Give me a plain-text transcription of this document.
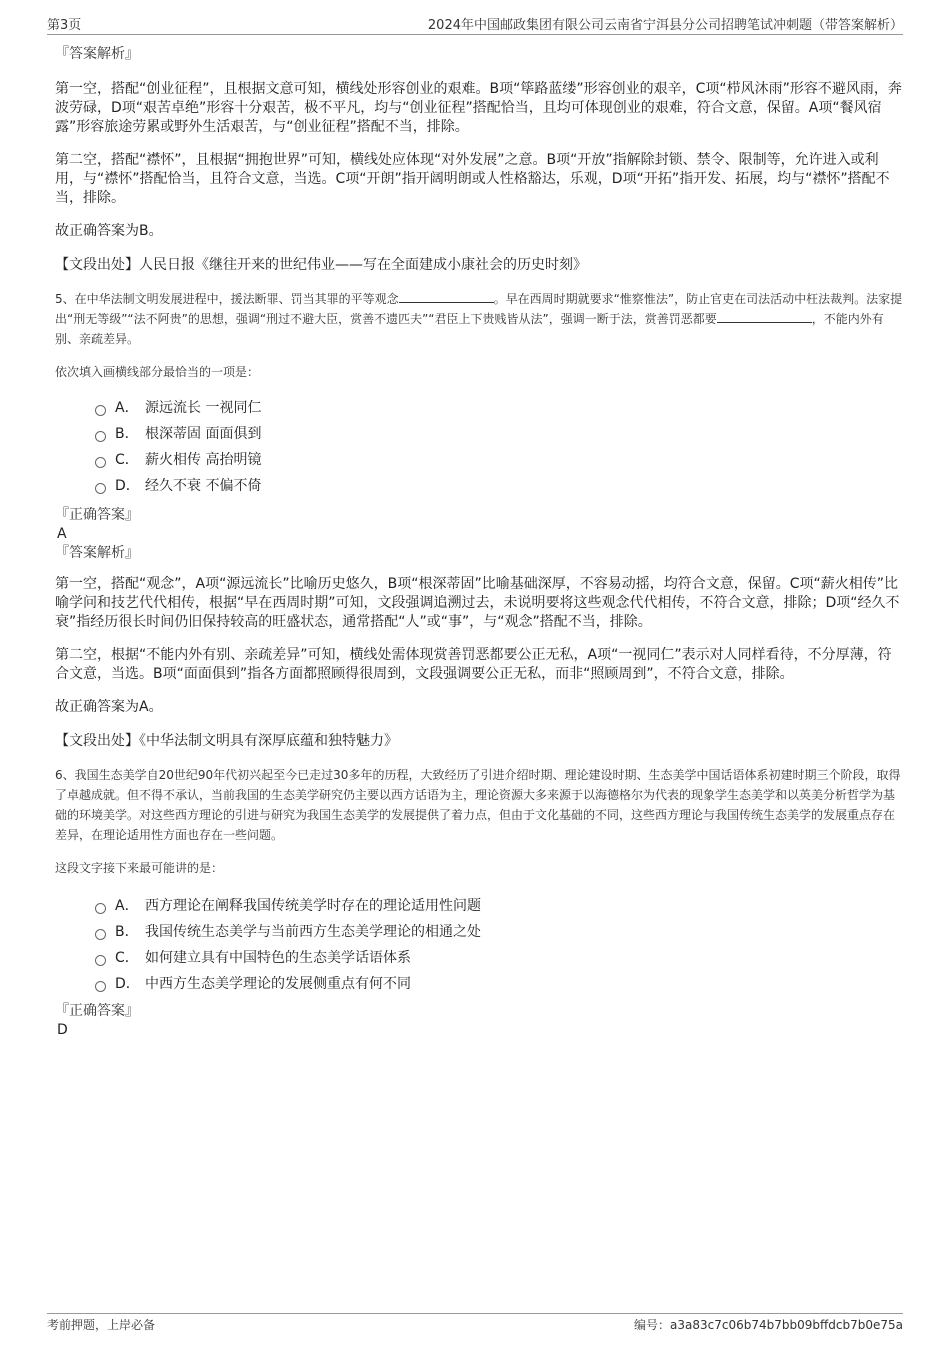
第3页	2024年中国邮政集团有限公司云南省宁洱县分公司招聘笔试冲刺题（带答案解析）

『答案解析』

第一空，搭配“创业征程”，且根据文意可知，横线处形容创业的艰难。B项“筚路蓝缕”形容创业的艰辛，C项“栉风沐雨”形容不避风雨，奔波劳碌，D项“艰苦卓绝”形容十分艰苦，极不平凡，均与“创业征程”搭配恰当，且均可体现创业的艰难，符合文意，保留。A项“餐风宿露”形容旅途劳累或野外生活艰苦，与“创业征程”搭配不当，排除。

第二空，搭配“襟怀”，且根据“拥抱世界”可知，横线处应体现“对外发展”之意。B项“开放”指解除封锁、禁令、限制等，允许进入或利用，与“襟怀”搭配恰当，且符合文意，当选。C项“开朗”指开阔明朗或人性格豁达，乐观，D项“开拓”指开发、拓展，均与“襟怀”搭配不当，排除。

故正确答案为B。

【文段出处】人民日报《继往开来的世纪伟业——写在全面建成小康社会的历史时刻》
5、在中华法制文明发展进程中，援法断罪、罚当其罪的平等观念	。早在西周时期就要求“惟察惟法”，防止官吏在司法活动中枉法裁判。法家提出“刑无等级”“法不阿贵”的思想，强调“刑过不避大臣，赏善不遗匹夫”“君臣上下贵贱皆从法”，强调一断于法，赏善罚恶都要	，不能内外有别、亲疏差异。

依次填入画横线部分最恰当的一项是：

A． 源远流长 一视同仁
B． 根深蒂固 面面俱到
C． 薪火相传 高抬明镜
D． 经久不衰 不偏不倚

『正确答案』

A

『答案解析』

第一空，搭配“观念”，A项“源远流长”比喻历史悠久，B项“根深蒂固”比喻基础深厚，不容易动摇，均符合文意，保留。C项“薪火相传”比喻学问和技艺代代相传，根据“早在西周时期”可知，文段强调追溯过去，未说明要将这些观念代代相传，不符合文意，排除；D项“经久不衰”指经历很长时间仍旧保持较高的旺盛状态，通常搭配“人”或“事”，与“观念”搭配不当，排除。

第二空，根据“不能内外有别、亲疏差异”可知，横线处需体现赏善罚恶都要公正无私，A项“一视同仁”表示对人同样看待，不分厚薄，符合文意，当选。B项“面面俱到”指各方面都照顾得很周到，文段强调要公正无私，而非“照顾周到”，不符合文意，排除。

故正确答案为A。

【文段出处】《中华法制文明具有深厚底蕴和独特魅力》

6、我国生态美学自20世纪90年代初兴起至今已走过30多年的历程，大致经历了引进介绍时期、理论建设时期、生态美学中国话语体系初建时期三个阶段，取得了卓越成就。但不得不承认，当前我国的生态美学研究仍主要以西方话语为主，理论资源大多来源于以海德格尔为代表的现象学生态美学和以英美分析哲学为基础的环境美学。对这些西方理论的引进与研究为我国生态美学的发展提供了着力点，但由于文化基础的不同，这些西方理论与我国传统生态美学的发展重点存在差异，在理论适用性方面也存在一些问题。

这段文字接下来最可能讲的是：

A． 西方理论在阐释我国传统美学时存在的理论适用性问题
B． 我国传统生态美学与当前西方生态美学理论的相通之处
C． 如何建立具有中国特色的生态美学话语体系
D． 中西方生态美学理论的发展侧重点有何不同

『正确答案』

D
考前押题，上岸必备	编号：a3a83c7c06b74b7bb09bffdcb7b0e75a
